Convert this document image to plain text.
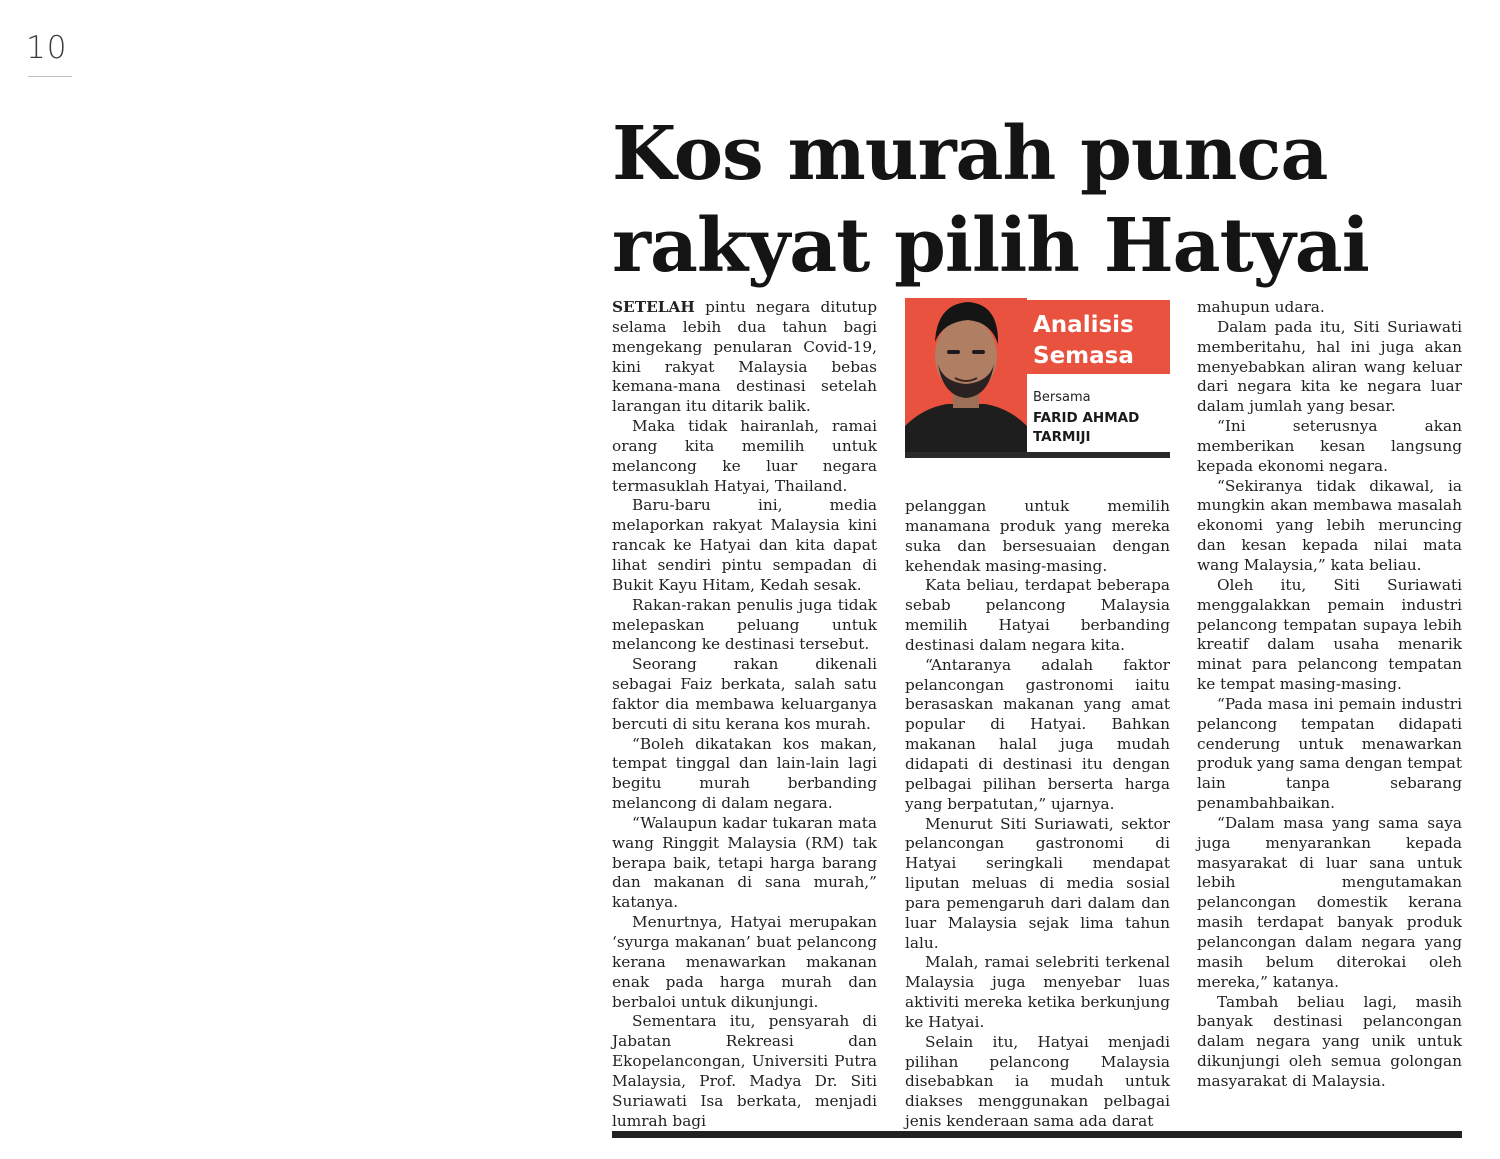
10
Kos murah punca
rakyat pilih Hatyai

SETELAH pintu negara ditutup selama lebih dua tahun bagi mengekang penularan Covid-19, kini rakyat Malaysia bebas kemana-mana destinasi setelah larangan itu ditarik balik.

Maka tidak hairanlah, ramai orang kita memilih untuk melancong ke luar negara termasuklah Hatyai, Thailand.

Baru-baru ini, media melaporkan rakyat Malaysia kini rancak ke Hatyai dan kita dapat lihat sendiri pintu sempadan di Bukit Kayu Hitam, Kedah sesak.

Rakan-rakan penulis juga tidak melepaskan peluang untuk melancong ke destinasi tersebut.

Seorang rakan dikenali sebagai Faiz berkata, salah satu faktor dia membawa keluarganya bercuti di situ kerana kos murah.

“Boleh dikatakan kos makan, tempat tinggal dan lain-lain lagi begitu murah berbanding melancong di dalam negara.

“Walaupun kadar tukaran mata wang Ringgit Malaysia (RM) tak berapa baik, tetapi harga barang dan makanan di sana murah,” katanya.

Menurtnya, Hatyai merupakan ‘syurga makanan’ buat pelancong kerana menawarkan makanan enak pada harga murah dan berbaloi untuk dikunjungi.

Sementara itu, pensyarah di Jabatan Rekreasi dan Ekopelancongan, Universiti Putra Malaysia, Prof. Madya Dr. Siti Suriawati Isa berkata, menjadi lumrah bagi

Analisis
Semasa
Bersama
FARID AHMAD
TARMIJI

pelanggan untuk memilih manamana produk yang mereka suka dan bersesuaian dengan kehendak masing-masing.

Kata beliau, terdapat beberapa sebab pelancong Malaysia memilih Hatyai berbanding destinasi dalam negara kita.

“Antaranya adalah faktor pelancongan gastronomi iaitu berasaskan makanan yang amat popular di Hatyai. Bahkan makanan halal juga mudah didapati di destinasi itu dengan pelbagai pilihan berserta harga yang berpatutan,” ujarnya.

Menurut Siti Suriawati, sektor pelancongan gastronomi di Hatyai seringkali mendapat liputan meluas di media sosial para pemengaruh dari dalam dan luar Malaysia sejak lima tahun lalu.

Malah, ramai selebriti terkenal Malaysia juga menyebar luas aktiviti mereka ketika berkunjung ke Hatyai.

Selain itu, Hatyai menjadi pilihan pelancong Malaysia disebabkan ia mudah untuk diakses menggunakan pelbagai jenis kenderaan sama ada darat

mahupun udara.

Dalam pada itu, Siti Suriawati memberitahu, hal ini juga akan menyebabkan aliran wang keluar dari negara kita ke negara luar dalam jumlah yang besar.

“Ini seterusnya akan memberikan kesan langsung kepada ekonomi negara.

“Sekiranya tidak dikawal, ia mungkin akan membawa masalah ekonomi yang lebih meruncing dan kesan kepada nilai mata wang Malaysia,” kata beliau.

Oleh itu, Siti Suriawati menggalakkan pemain industri pelancong tempatan supaya lebih kreatif dalam usaha menarik minat para pelancong tempatan ke tempat masing-masing.

“Pada masa ini pemain industri pelancong tempatan didapati cenderung untuk menawarkan produk yang sama dengan tempat lain tanpa sebarang penambahbaikan.

“Dalam masa yang sama saya juga menyarankan kepada masyarakat di luar sana untuk lebih mengutamakan pelancongan domestik kerana masih terdapat banyak produk pelancongan dalam negara yang masih belum diterokai oleh mereka,” katanya.

Tambah beliau lagi, masih banyak destinasi pelancongan dalam negara yang unik untuk dikunjungi oleh semua golongan masyarakat di Malaysia.
